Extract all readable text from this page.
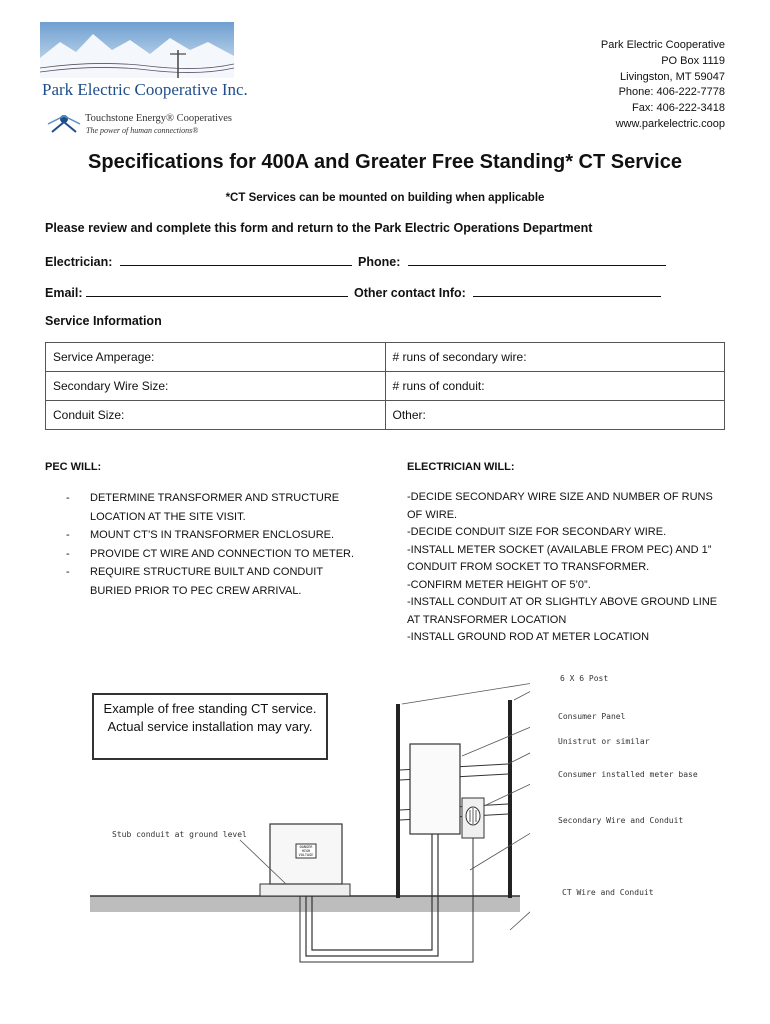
Park Electric Cooperative Inc.
Touchstone Energy® Cooperatives
The power of human connections®
Park Electric Cooperative
PO Box 1119
Livingston, MT 59047
Phone: 406-222-7778
Fax: 406-222-3418
www.parkelectric.coop
Specifications for 400A and Greater Free Standing* CT Service
*CT Services can be mounted on building when applicable
Please review and complete this form and return to the Park Electric Operations Department
Electrician:	Phone:
Email:	Other contact Info:
Service Information
Service Amperage:	# runs of secondary wire:
Secondary Wire Size:	# runs of conduit:
Conduit Size:	Other:
PEC WILL:	ELECTRICIAN WILL:
- DETERMINE TRANSFORMER AND STRUCTURE LOCATION AT THE SITE VISIT.
- MOUNT CT’S IN TRANSFORMER ENCLOSURE.
- PROVIDE CT WIRE AND CONNECTION TO METER.
- REQUIRE STRUCTURE BUILT AND CONDUIT BURIED PRIOR TO PEC CREW ARRIVAL.
-DECIDE SECONDARY WIRE SIZE AND NUMBER OF RUNS OF WIRE.
-DECIDE CONDUIT SIZE FOR SECONDARY WIRE.
-INSTALL METER SOCKET (AVAILABLE FROM PEC) AND 1” CONDUIT FROM SOCKET TO TRANSFORMER.
-CONFIRM METER HEIGHT OF 5’0”.
-INSTALL CONDUIT AT OR SLIGHTLY ABOVE GROUND LINE AT TRANSFORMER LOCATION
-INSTALL GROUND ROD AT METER LOCATION
6 X 6 Post
Consumer Panel
Unistrut or similar
Consumer installed meter base
Secondary Wire and Conduit
Stub conduit at ground level
CT Wire and Conduit
DANGER HIGH VOLTAGE
Example of free standing CT service. Actual service installation may vary.
